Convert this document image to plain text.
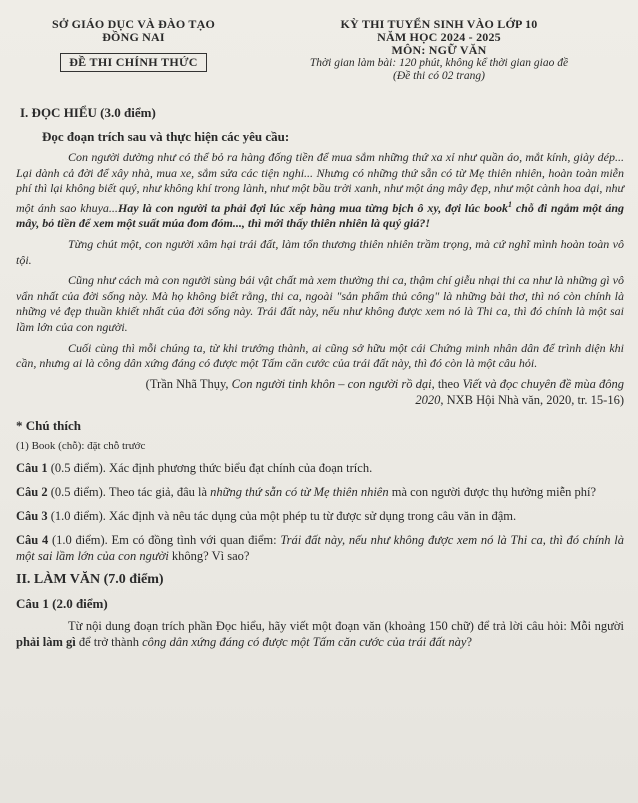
SỞ GIÁO DỤC VÀ ĐÀO TẠO
ĐỒNG NAI
ĐỀ THI CHÍNH THỨC
KỲ THI TUYỂN SINH VÀO LỚP 10
NĂM HỌC 2024 - 2025
MÔN: NGỮ VĂN
Thời gian làm bài: 120 phút, không kể thời gian giao đề
(Đề thi có 02 trang)
I. ĐỌC HIỂU (3.0 điểm)
Đọc đoạn trích sau và thực hiện các yêu cầu:

Con người dường như có thể bỏ ra hàng đống tiền để mua sắm những thứ xa xỉ như quần áo, mắt kính, giày dép... Lại dành cả đời để xây nhà, mua xe, sắm sửa các tiện nghi... Nhưng có những thứ sẵn có từ Mẹ thiên nhiên, hoàn toàn miễn phí thì lại không biết quý, như không khí trong lành, như một bầu trời xanh, như một áng mây đẹp, như một cành hoa dại, như một ánh sao khuya...Hay là con người ta phải đợi lúc xếp hàng mua từng bịch ô xy, đợi lúc book$^1$ chỗ đi ngắm một áng mây, bỏ tiền để xem một suất múa đom đóm..., thì mới thấy thiên nhiên là quý giá?!

Từng chút một, con người xâm hại trái đất, làm tổn thương thiên nhiên trầm trọng, mà cứ nghĩ mình hoàn toàn vô tội.

Cũng như cách mà con người sùng bái vật chất mà xem thường thi ca, thậm chí giễu nhại thi ca như là những gì vô vẩn nhất của đời sống này. Mà họ không biết rằng, thi ca, ngoài "sản phẩm thủ công" là những bài thơ, thì nó còn chính là những vẻ đẹp thuần khiết nhất của đời sống này. Trái đất này, nếu như không được xem nó là Thi ca, thì đó chính là một sai lầm lớn của con người.

Cuối cùng thì mỗi chúng ta, từ khi trưởng thành, ai cũng sở hữu một cái Chứng minh nhân dân để trình diện khi cần, nhưng ai là công dân xứng đáng có được một Tấm căn cước của trái đất này, thì đó còn là một câu hỏi.

(Trần Nhã Thụy, Con người tinh khôn – con người rồ dại, theo Viết và đọc chuyên đề mùa đông 2020, NXB Hội Nhà văn, 2020, tr. 15-16)
* Chú thích
(1) Book (chỗ): đặt chỗ trước

Câu 1 (0.5 điểm). Xác định phương thức biểu đạt chính của đoạn trích.

Câu 2 (0.5 điểm). Theo tác giả, đâu là những thứ sẵn có từ Mẹ thiên nhiên mà con người được thụ hưởng miễn phí?

Câu 3 (1.0 điểm). Xác định và nêu tác dụng của một phép tu từ được sử dụng trong câu văn in đậm.

Câu 4 (1.0 điểm). Em có đồng tình với quan điểm: Trái đất này, nếu như không được xem nó là Thi ca, thì đó chính là một sai lầm lớn của con người không? Vì sao?

II. LÀM VĂN (7.0 điểm)
Câu 1 (2.0 điểm)

Từ nội dung đoạn trích phần Đọc hiểu, hãy viết một đoạn văn (khoảng 150 chữ) để trả lời câu hỏi: Mỗi người phải làm gì để trở thành công dân xứng đáng có được một Tấm căn cước của trái đất này?
